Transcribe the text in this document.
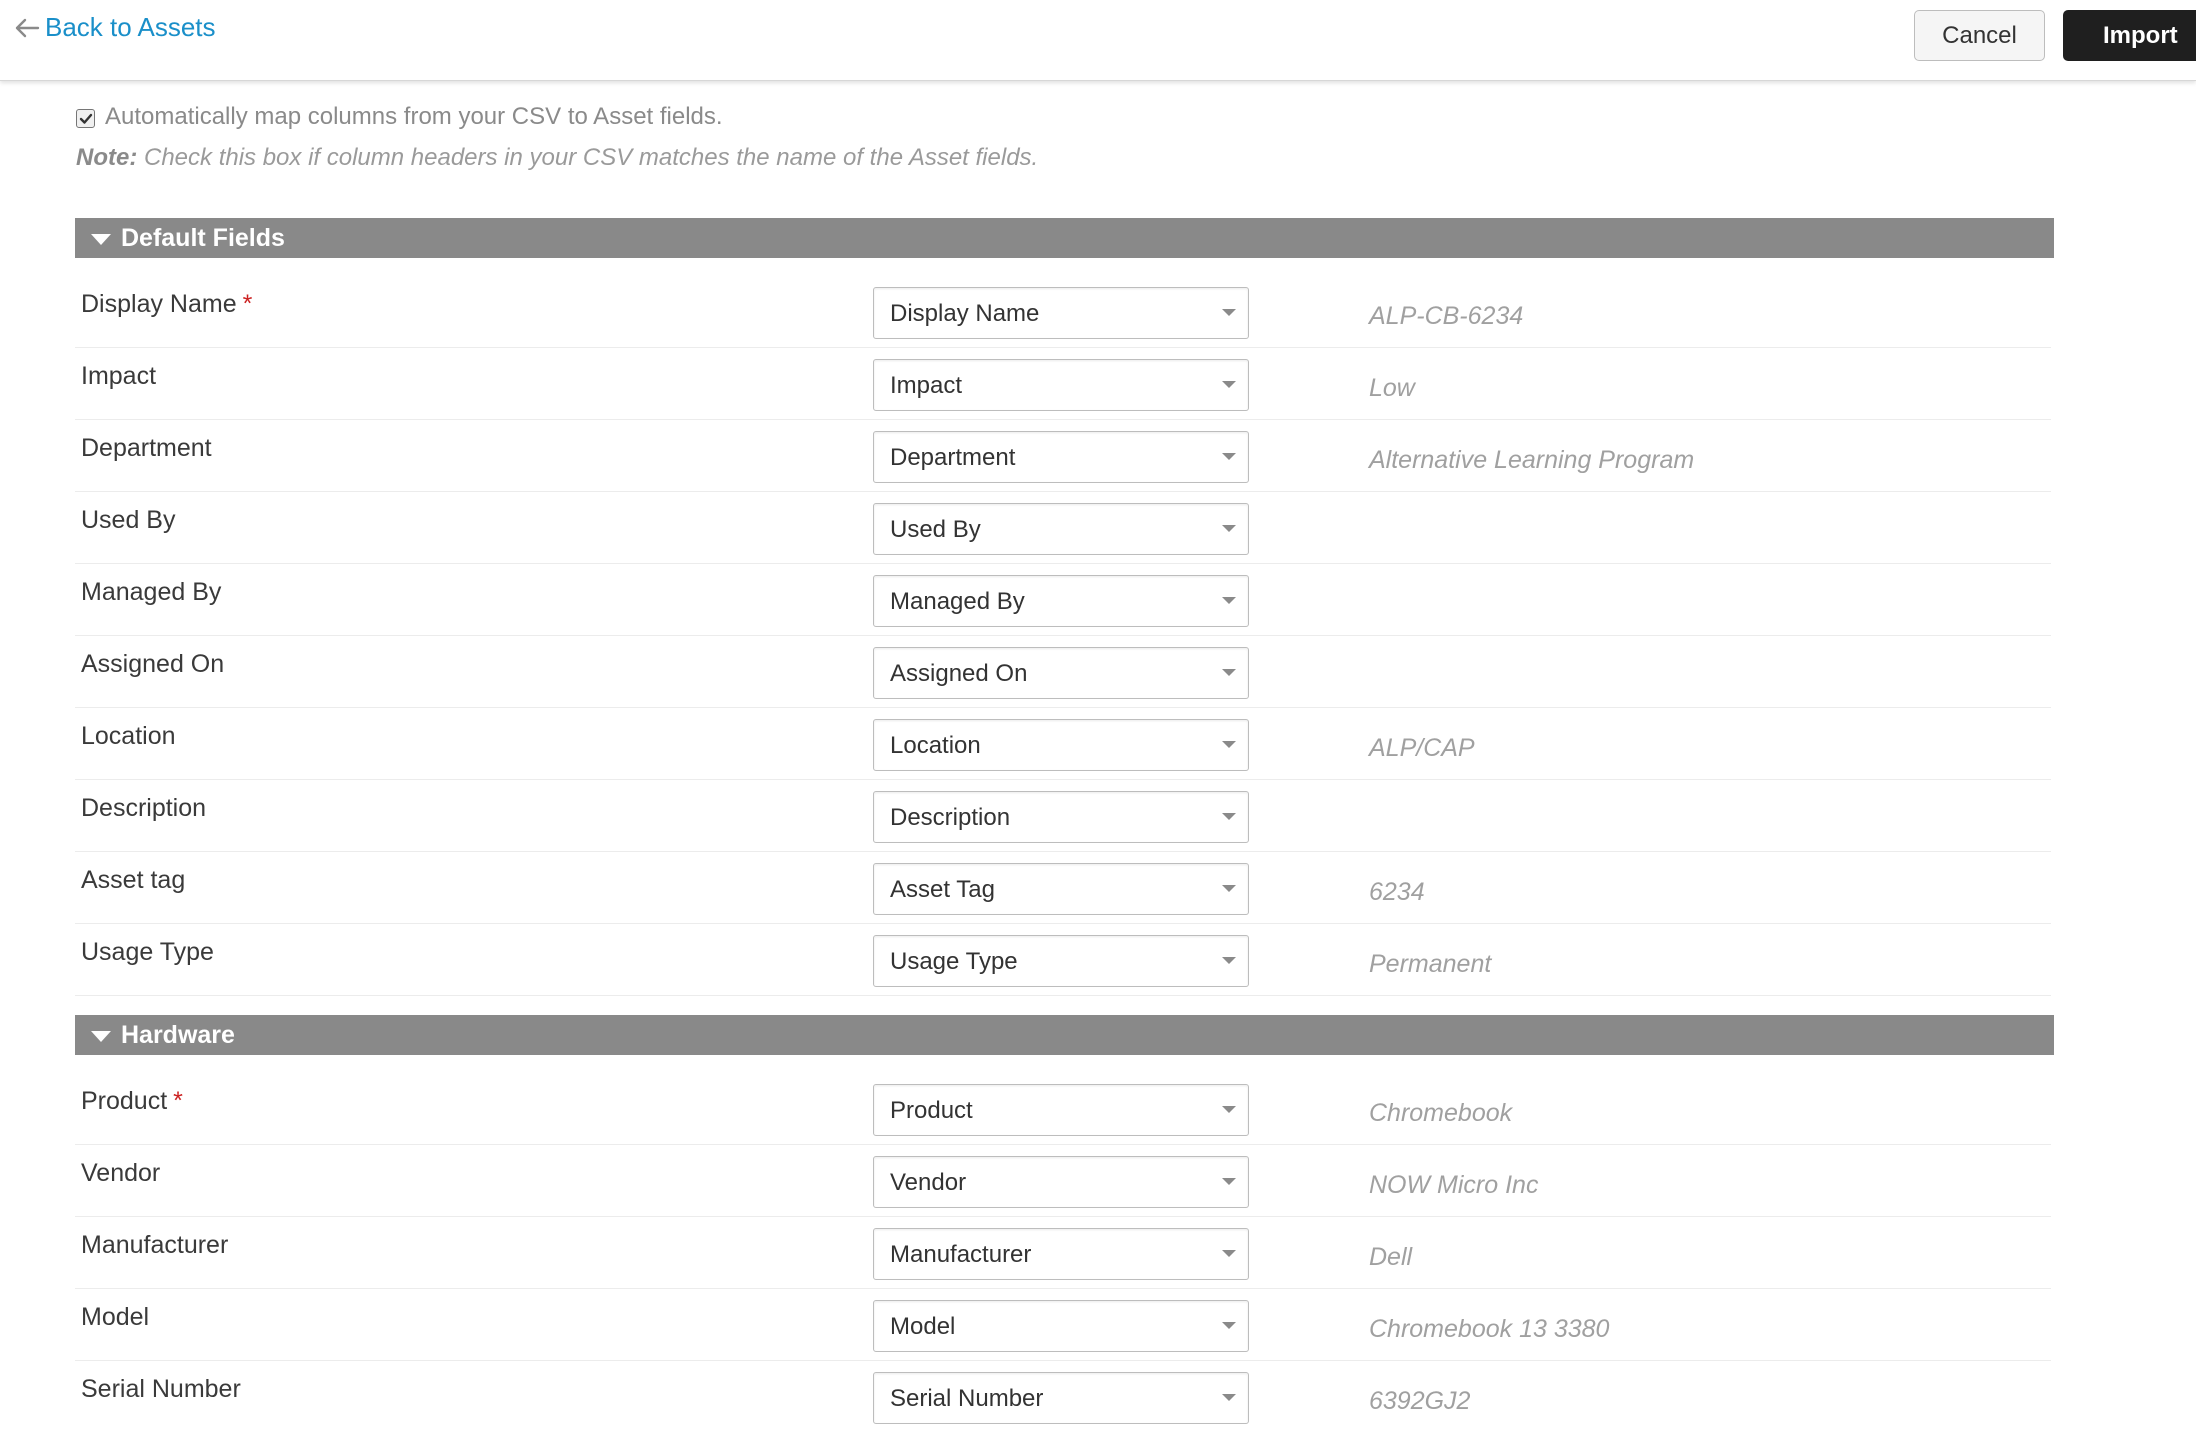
Back to Assets	Cancel	Import
Automatically map columns from your CSV to Asset fields.
Note: Check this box if column headers in your CSV matches the name of the Asset fields.
Default Fields
Display Name *	Display Name	ALP-CB-6234
Impact	Impact	Low
Department	Department	Alternative Learning Program
Used By	Used By
Managed By	Managed By
Assigned On	Assigned On
Location	Location	ALP/CAP
Description	Description
Asset tag	Asset Tag	6234
Usage Type	Usage Type	Permanent
Hardware
Product *	Product	Chromebook
Vendor	Vendor	NOW Micro Inc
Manufacturer	Manufacturer	Dell
Model	Model	Chromebook 13 3380
Serial Number	Serial Number	6392GJ2
